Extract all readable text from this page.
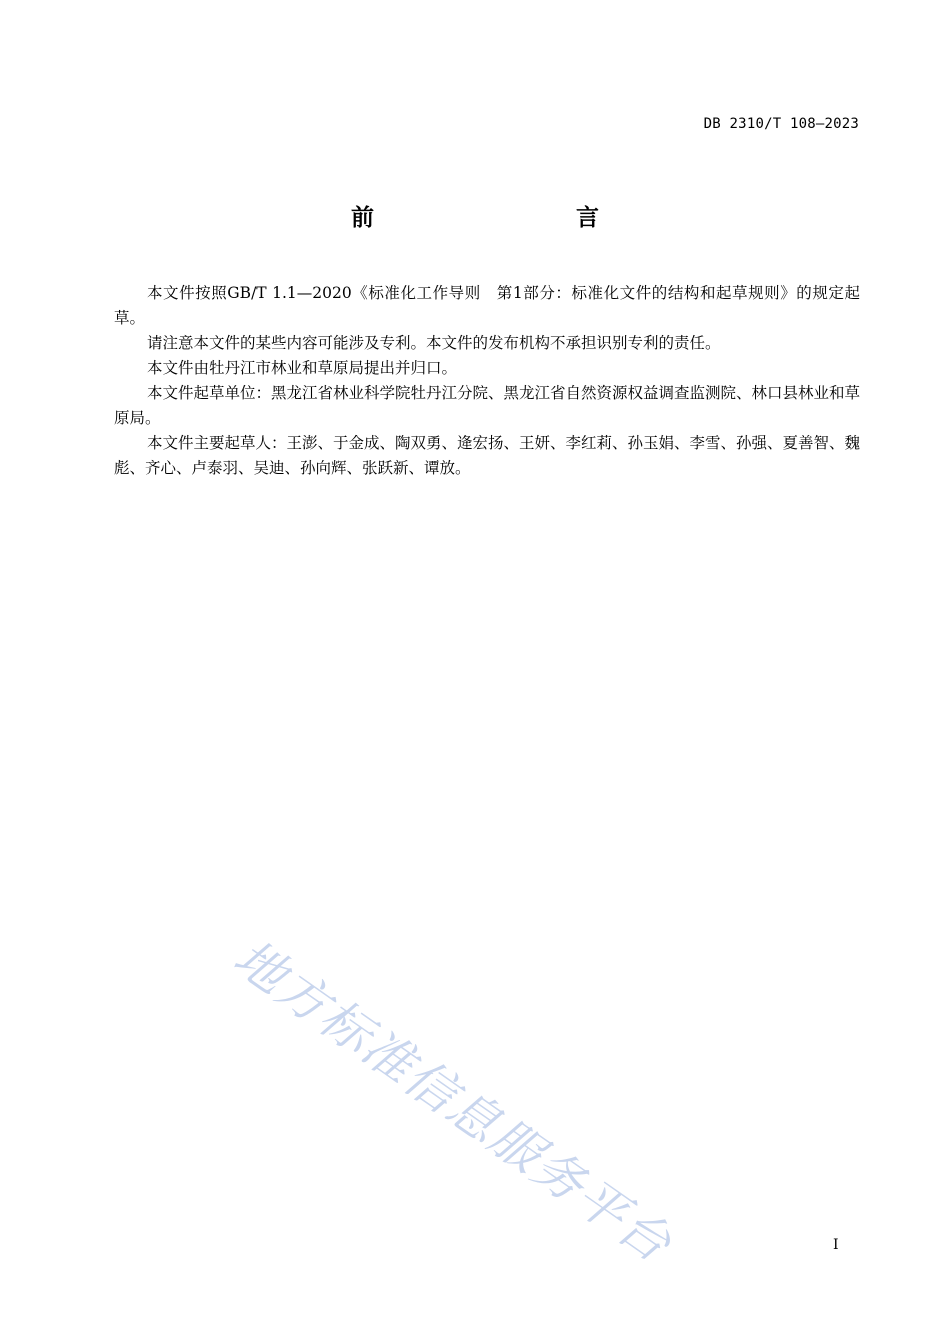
DB 2310/T 108—2023
前　　言

本文件按照GB/T 1.1—2020《标准化工作导则　第1部分：标准化文件的结构和起草规则》的规定起草。

请注意本文件的某些内容可能涉及专利。本文件的发布机构不承担识别专利的责任。

本文件由牡丹江市林业和草原局提出并归口。

本文件起草单位：黑龙江省林业科学院牡丹江分院、黑龙江省自然资源权益调查监测院、林口县林业和草原局。

本文件主要起草人：王澎、于金成、陶双勇、逄宏扬、王妍、李红莉、孙玉娟、李雪、孙强、夏善智、魏彪、齐心、卢泰羽、吴迪、孙向辉、张跃新、谭放。

地方标准信息服务平台	I
